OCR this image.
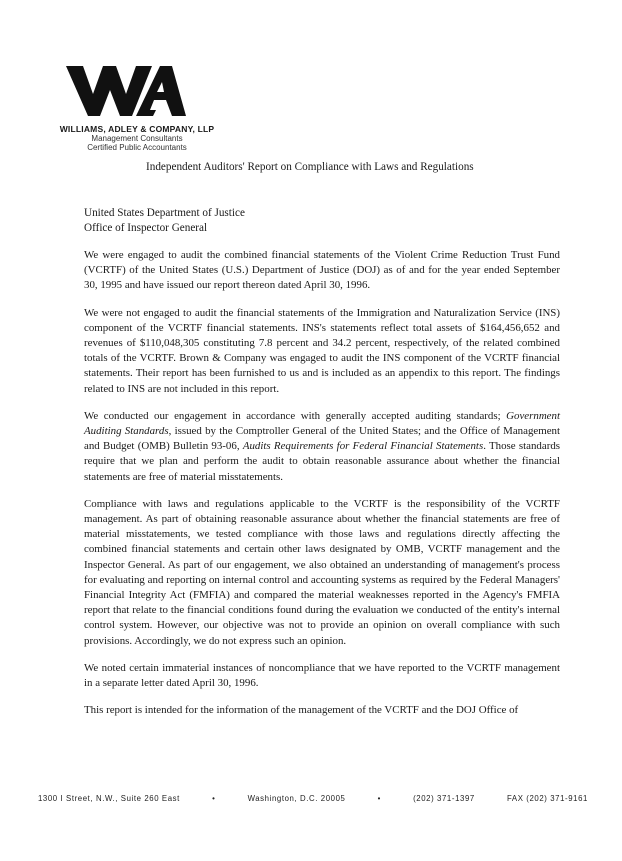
WILLIAMS, ADLEY & COMPANY, LLP
Management Consultants
Certified Public Accountants
Independent Auditors' Report on Compliance with Laws and Regulations
United States Department of Justice
Office of Inspector General

We were engaged to audit the combined financial statements of the Violent Crime Reduction Trust Fund (VCRTF) of the United States (U.S.) Department of Justice (DOJ) as of and for the year ended September 30, 1995 and have issued our report thereon dated April 30, 1996.

We were not engaged to audit the financial statements of the Immigration and Naturalization Service (INS) component of the VCRTF financial statements. INS's statements reflect total assets of $164,456,652 and revenues of $110,048,305 constituting 7.8 percent and 34.2 percent, respectively, of the related combined totals of the VCRTF. Brown & Company was engaged to audit the INS component of the VCRTF financial statements. Their report has been furnished to us and is included as an appendix to this report. The findings related to INS are not included in this report.

We conducted our engagement in accordance with generally accepted auditing standards; Government Auditing Standards, issued by the Comptroller General of the United States; and the Office of Management and Budget (OMB) Bulletin 93-06, Audits Requirements for Federal Financial Statements. Those standards require that we plan and perform the audit to obtain reasonable assurance about whether the financial statements are free of material misstatements.

Compliance with laws and regulations applicable to the VCRTF is the responsibility of the VCRTF management. As part of obtaining reasonable assurance about whether the financial statements are free of material misstatements, we tested compliance with those laws and regulations directly affecting the combined financial statements and certain other laws designated by OMB, VCRTF management and the Inspector General. As part of our engagement, we also obtained an understanding of management's process for evaluating and reporting on internal control and accounting systems as required by the Federal Managers' Financial Integrity Act (FMFIA) and compared the material weaknesses reported in the Agency's FMFIA report that relate to the financial conditions found during the evaluation we conducted of the entity's internal control system. However, our objective was not to provide an opinion on overall compliance with such provisions. Accordingly, we do not express such an opinion.

We noted certain immaterial instances of noncompliance that we have reported to the VCRTF management in a separate letter dated April 30, 1996.

This report is intended for the information of the management of the VCRTF and the DOJ Office of

1300 I Street, N.W., Suite 260 East	•	Washington, D.C. 20005	•	(202) 371-1397	FAX (202) 371-9161
